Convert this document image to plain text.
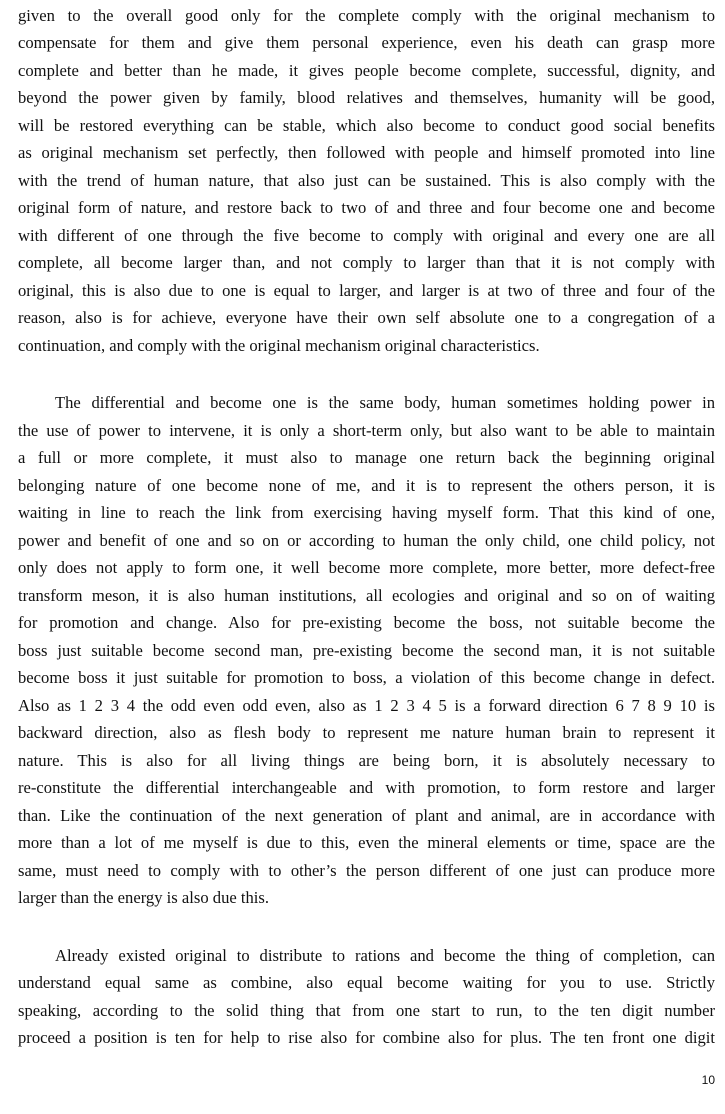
given to the overall good only for the complete comply with the original mechanism to
compensate for them and give them personal experience, even his death can grasp more
complete and better than he made, it gives people become complete, successful, dignity, and
beyond the power given by family, blood relatives and themselves, humanity will be good,
will be restored everything can be stable, which also become to conduct good social benefits
as original mechanism set perfectly, then followed with people and himself promoted into line
with the trend of human nature, that also just can be sustained. This is also comply with the
original form of nature, and restore back to two of and three and four become one and become
with different of one through the five become to comply with original and every one are all
complete, all become larger than, and not comply to larger than that it is not comply with
original, this is also due to one is equal to larger, and larger is at two of three and four of the
reason, also is for achieve, everyone have their own self absolute one to a congregation of a
continuation, and comply with the original mechanism original characteristics.
The differential and become one is the same body, human sometimes holding power in
the use of power to intervene, it is only a short-term only, but also want to be able to maintain
a full or more complete, it must also to manage one return back the beginning original
belonging nature of one become none of me, and it is to represent the others person, it is
waiting in line to reach the link from exercising having myself form. That this kind of one,
power and benefit of one and so on or according to human the only child, one child policy, not
only does not apply to form one, it well become more complete, more better, more defect-free
transform meson, it is also human institutions, all ecologies and original and so on of waiting
for promotion and change. Also for pre-existing become the boss, not suitable become the
boss just suitable become second man, pre-existing become the second man, it is not suitable
become boss it just suitable for promotion to boss, a violation of this become change in defect.
Also as 1 2 3 4 the odd even odd even, also as 1 2 3 4 5 is a forward direction 6 7 8 9 10 is
backward direction, also as flesh body to represent me nature human brain to represent it
nature. This is also for all living things are being born, it is absolutely necessary to
re-constitute the differential interchangeable and with promotion, to form restore and larger
than. Like the continuation of the next generation of plant and animal, are in accordance with
more than a lot of me myself is due to this, even the mineral elements or time, space are the
same, must need to comply with to other’s the person different of one just can produce more
larger than the energy is also due this.
Already existed original to distribute to rations and become the thing of completion, can
understand equal same as combine, also equal become waiting for you to use. Strictly
speaking, according to the solid thing that from one start to run, to the ten digit number
proceed a position is ten for help to rise also for combine also for plus. The ten front one digit
10
